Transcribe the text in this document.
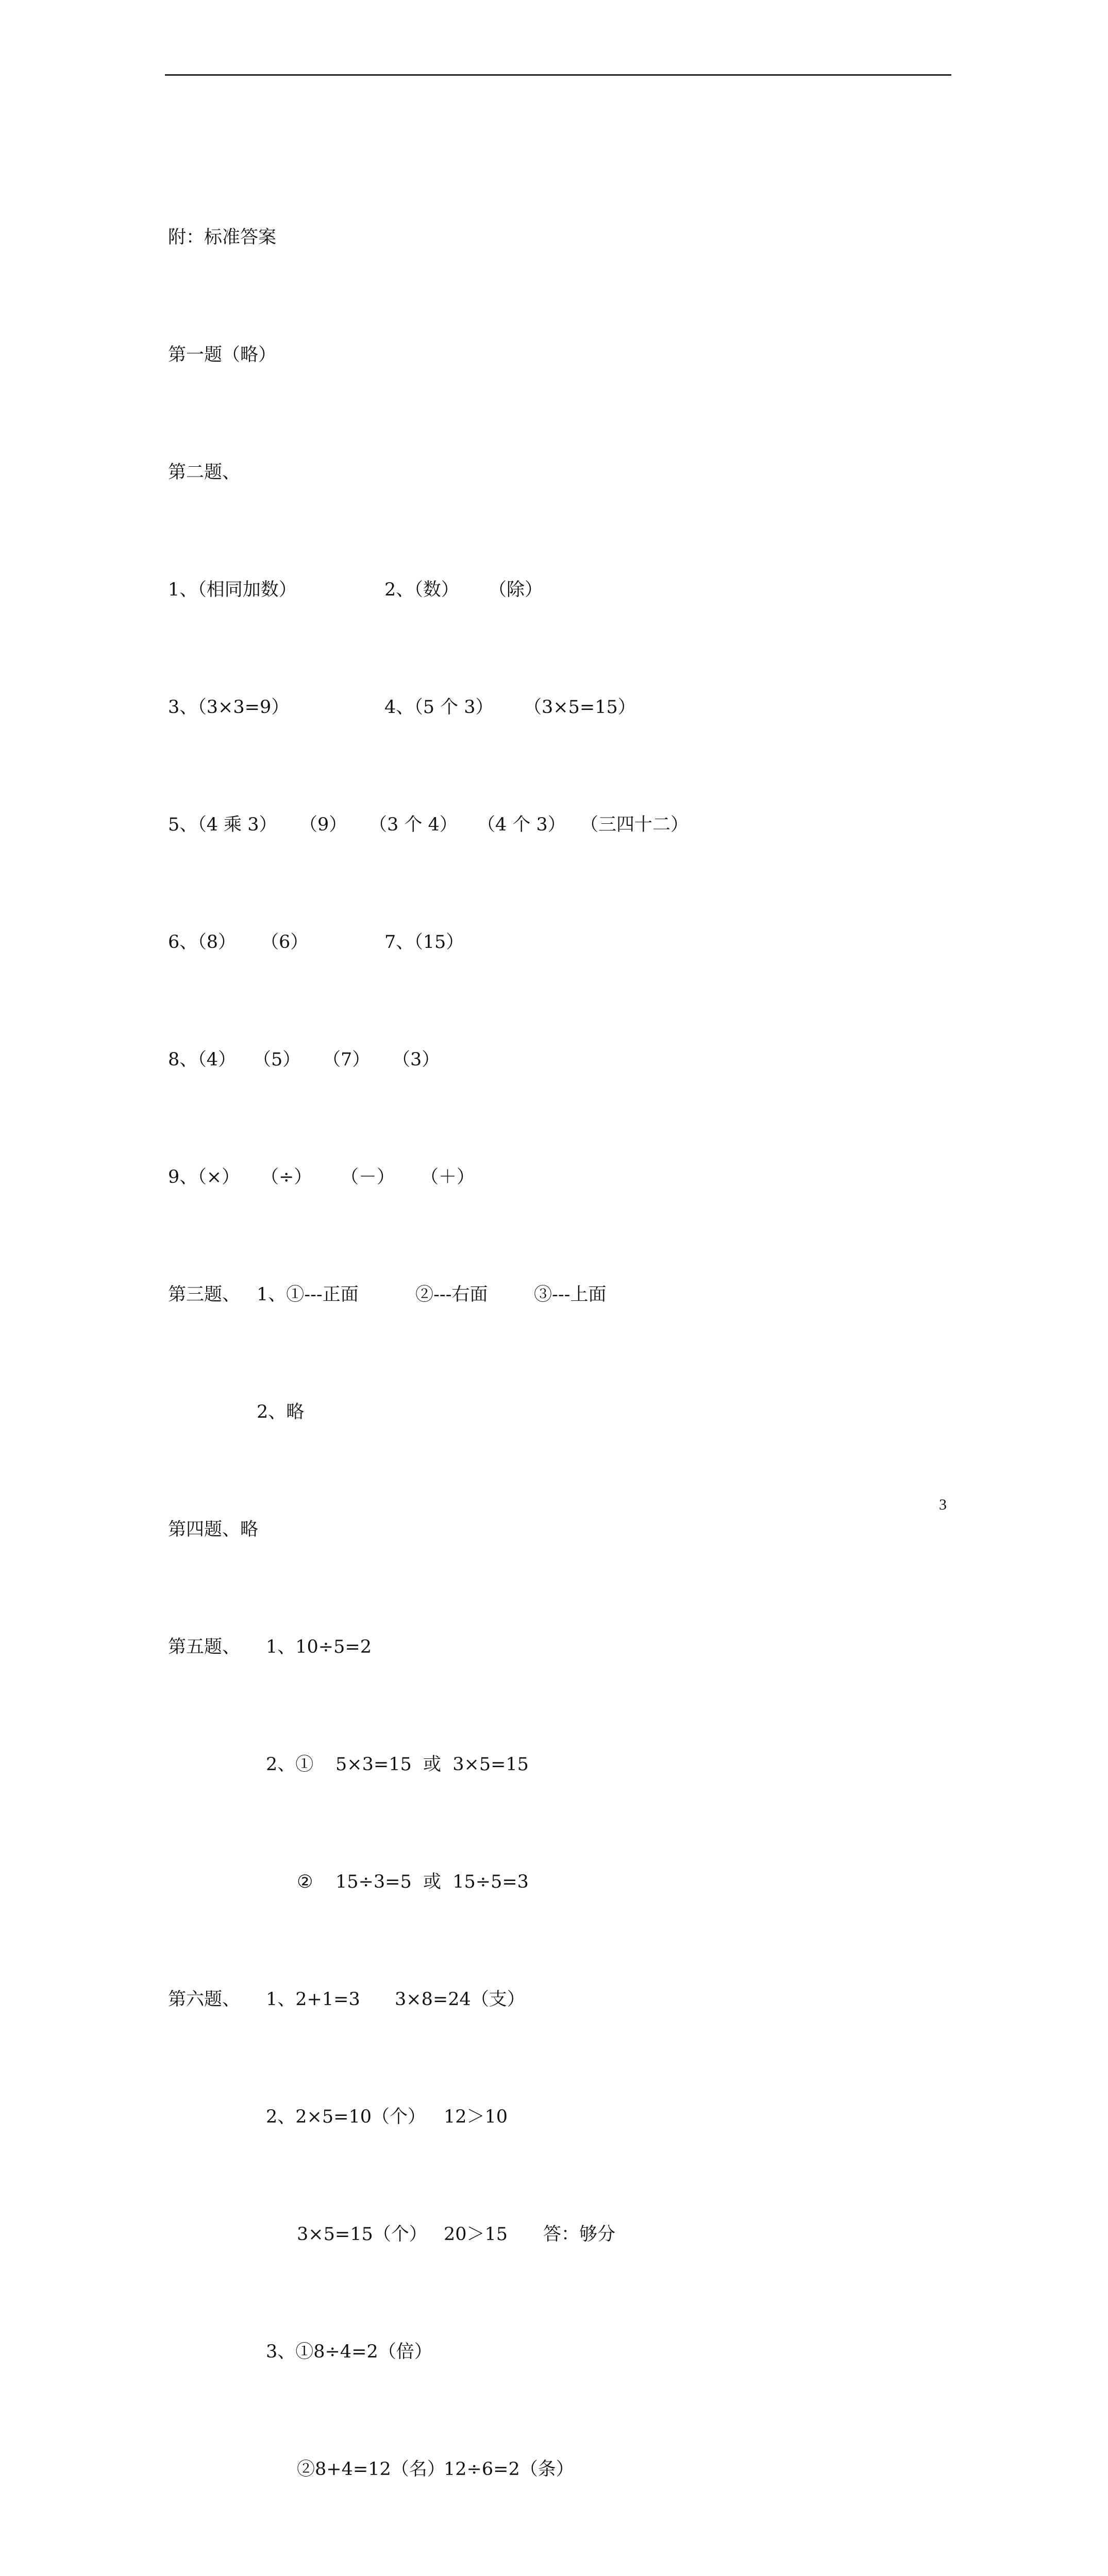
附：标准答案

第一题（略）

第二题、

1、（相同加数）

	2、（数）

（除）

3、（3×3=9）

	4、（5 个 3）

（3×5=15）

5、（4 乘 3）

（9）

（3 个 4）

（4 个 3）

（三四十二）

6、（8）

（6）

	7、（15）

8、（4）

（5）

（7）

（3）

9、（×）

（÷）

（－）

（＋）

第三题、

1、①---正面

	②---右面

	③---上面

2、略

第四题、略

第五题、

1、10÷5=2

2、①

5×3=15  或  3×5=15

②

15÷3=5  或  15÷5=3

第六题、

1、2+1=3

3×8=24（支）

2、2×5=10（个）

12＞10

3×5=15（个）

20＞15

答：够分

3、①8÷4=2（倍）

②8+4=12（名）

12÷6=2（条）

3
